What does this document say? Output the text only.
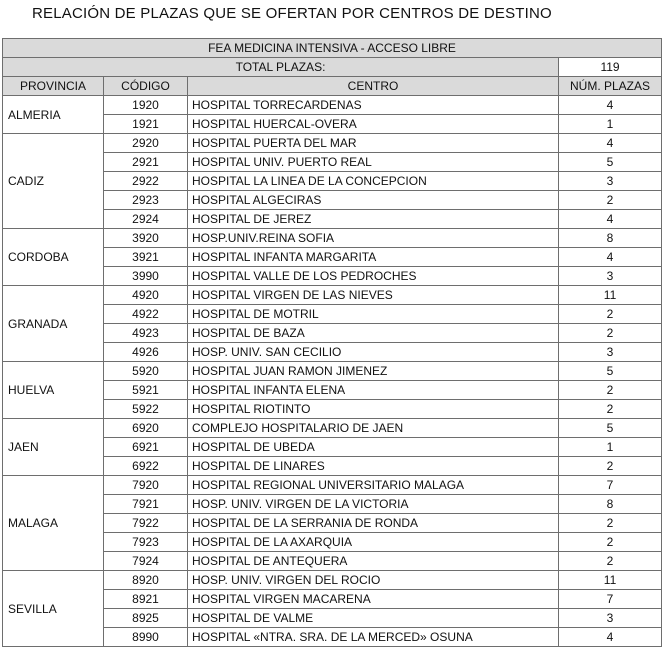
RELACIÓN DE PLAZAS QUE SE OFERTAN POR CENTROS DE DESTINO
FEA MEDICINA INTENSIVA - ACCESO LIBRE			
TOTAL PLAZAS:			119
PROVINCIA	CÓDIGO	CENTRO	NÚM. PLAZAS
ALMERIA	1920	HOSPITAL TORRECARDENAS	4
	1921	HOSPITAL HUERCAL-OVERA	1
CADIZ	2920	HOSPITAL PUERTA DEL MAR	4
	2921	HOSPITAL UNIV. PUERTO REAL	5
	2922	HOSPITAL LA LINEA DE LA CONCEPCION	3
	2923	HOSPITAL ALGECIRAS	2
	2924	HOSPITAL DE JEREZ	4
CORDOBA	3920	HOSP.UNIV.REINA SOFIA	8
	3921	HOSPITAL INFANTA MARGARITA	4
	3990	HOSPITAL VALLE DE LOS PEDROCHES	3
GRANADA	4920	HOSPITAL VIRGEN DE LAS NIEVES	11
	4922	HOSPITAL DE MOTRIL	2
	4923	HOSPITAL DE BAZA	2
	4926	HOSP. UNIV. SAN CECILIO	3
HUELVA	5920	HOSPITAL JUAN RAMON JIMENEZ	5
	5921	HOSPITAL INFANTA ELENA	2
	5922	HOSPITAL RIOTINTO	2
JAEN	6920	COMPLEJO HOSPITALARIO DE JAEN	5
	6921	HOSPITAL DE UBEDA	1
	6922	HOSPITAL DE LINARES	2
MALAGA	7920	HOSPITAL REGIONAL UNIVERSITARIO MALAGA	7
	7921	HOSP. UNIV. VIRGEN DE LA VICTORIA	8
	7922	HOSPITAL DE LA SERRANIA DE RONDA	2
	7923	HOSPITAL DE LA AXARQUIA	2
	7924	HOSPITAL DE ANTEQUERA	2
SEVILLA	8920	HOSP. UNIV. VIRGEN DEL ROCIO	11
	8921	HOSPITAL VIRGEN MACARENA	7
	8925	HOSPITAL DE VALME	3
	8990	HOSPITAL «NTRA. SRA. DE LA MERCED» OSUNA	4
